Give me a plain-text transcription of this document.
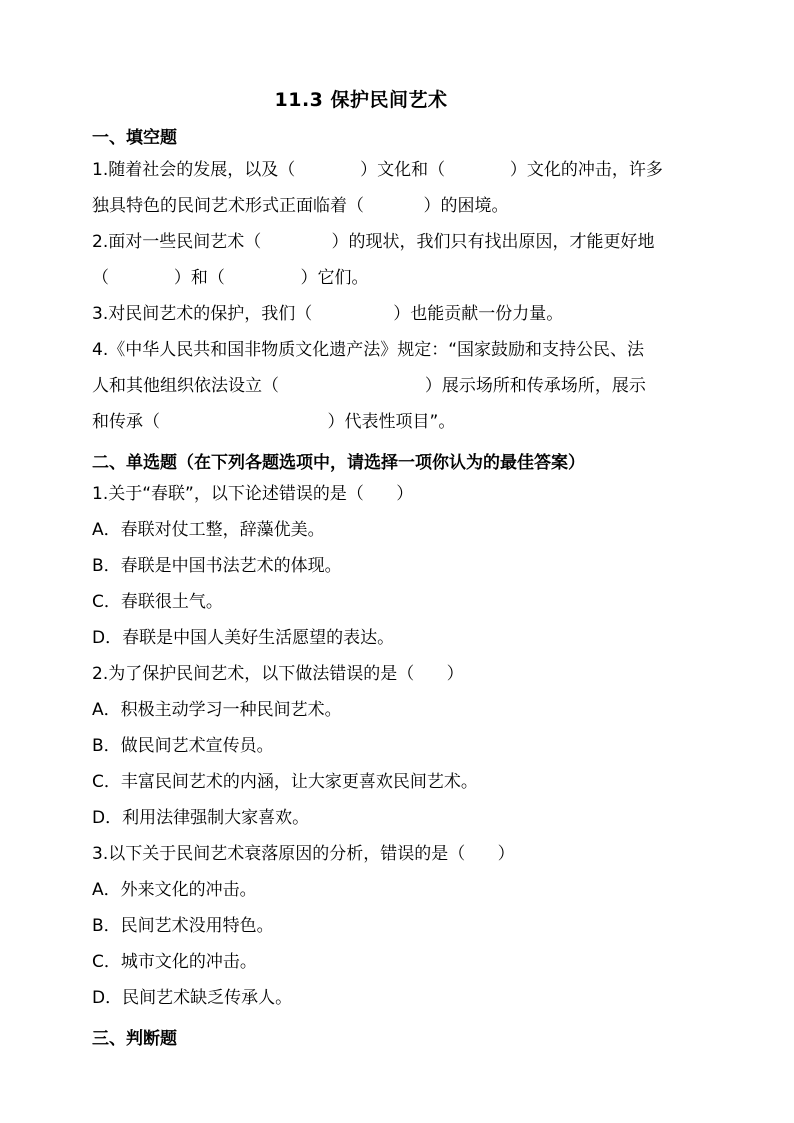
11.3 保护民间艺术
一、填空题
1.随着社会的发展，以及（            ）文化和（            ）文化的冲击，许多
独具特色的民间艺术形式正面临着（           ）的困境。
2.面对一些民间艺术（             ）的现状，我们只有找出原因，才能更好地
（            ）和（              ）它们。
3.对民间艺术的保护，我们（               ）也能贡献一份力量。
4.《中华人民共和国非物质文化遗产法》规定：“国家鼓励和支持公民、法
人和其他组织依法设立（                           ）展示场所和传承场所，展示
和传承（                               ）代表性项目”。
二、单选题（在下列各题选项中，请选择一项你认为的最佳答案）
1.关于“春联”，以下论述错误的是（      ）
A．春联对仗工整，辞藻优美。
B．春联是中国书法艺术的体现。
C．春联很土气。
D．春联是中国人美好生活愿望的表达。
2.为了保护民间艺术，以下做法错误的是（      ）
A．积极主动学习一种民间艺术。
B．做民间艺术宣传员。
C．丰富民间艺术的内涵，让大家更喜欢民间艺术。
D．利用法律强制大家喜欢。
3.以下关于民间艺术衰落原因的分析，错误的是（      ）
A．外来文化的冲击。
B．民间艺术没用特色。
C．城市文化的冲击。
D．民间艺术缺乏传承人。
三、判断题
